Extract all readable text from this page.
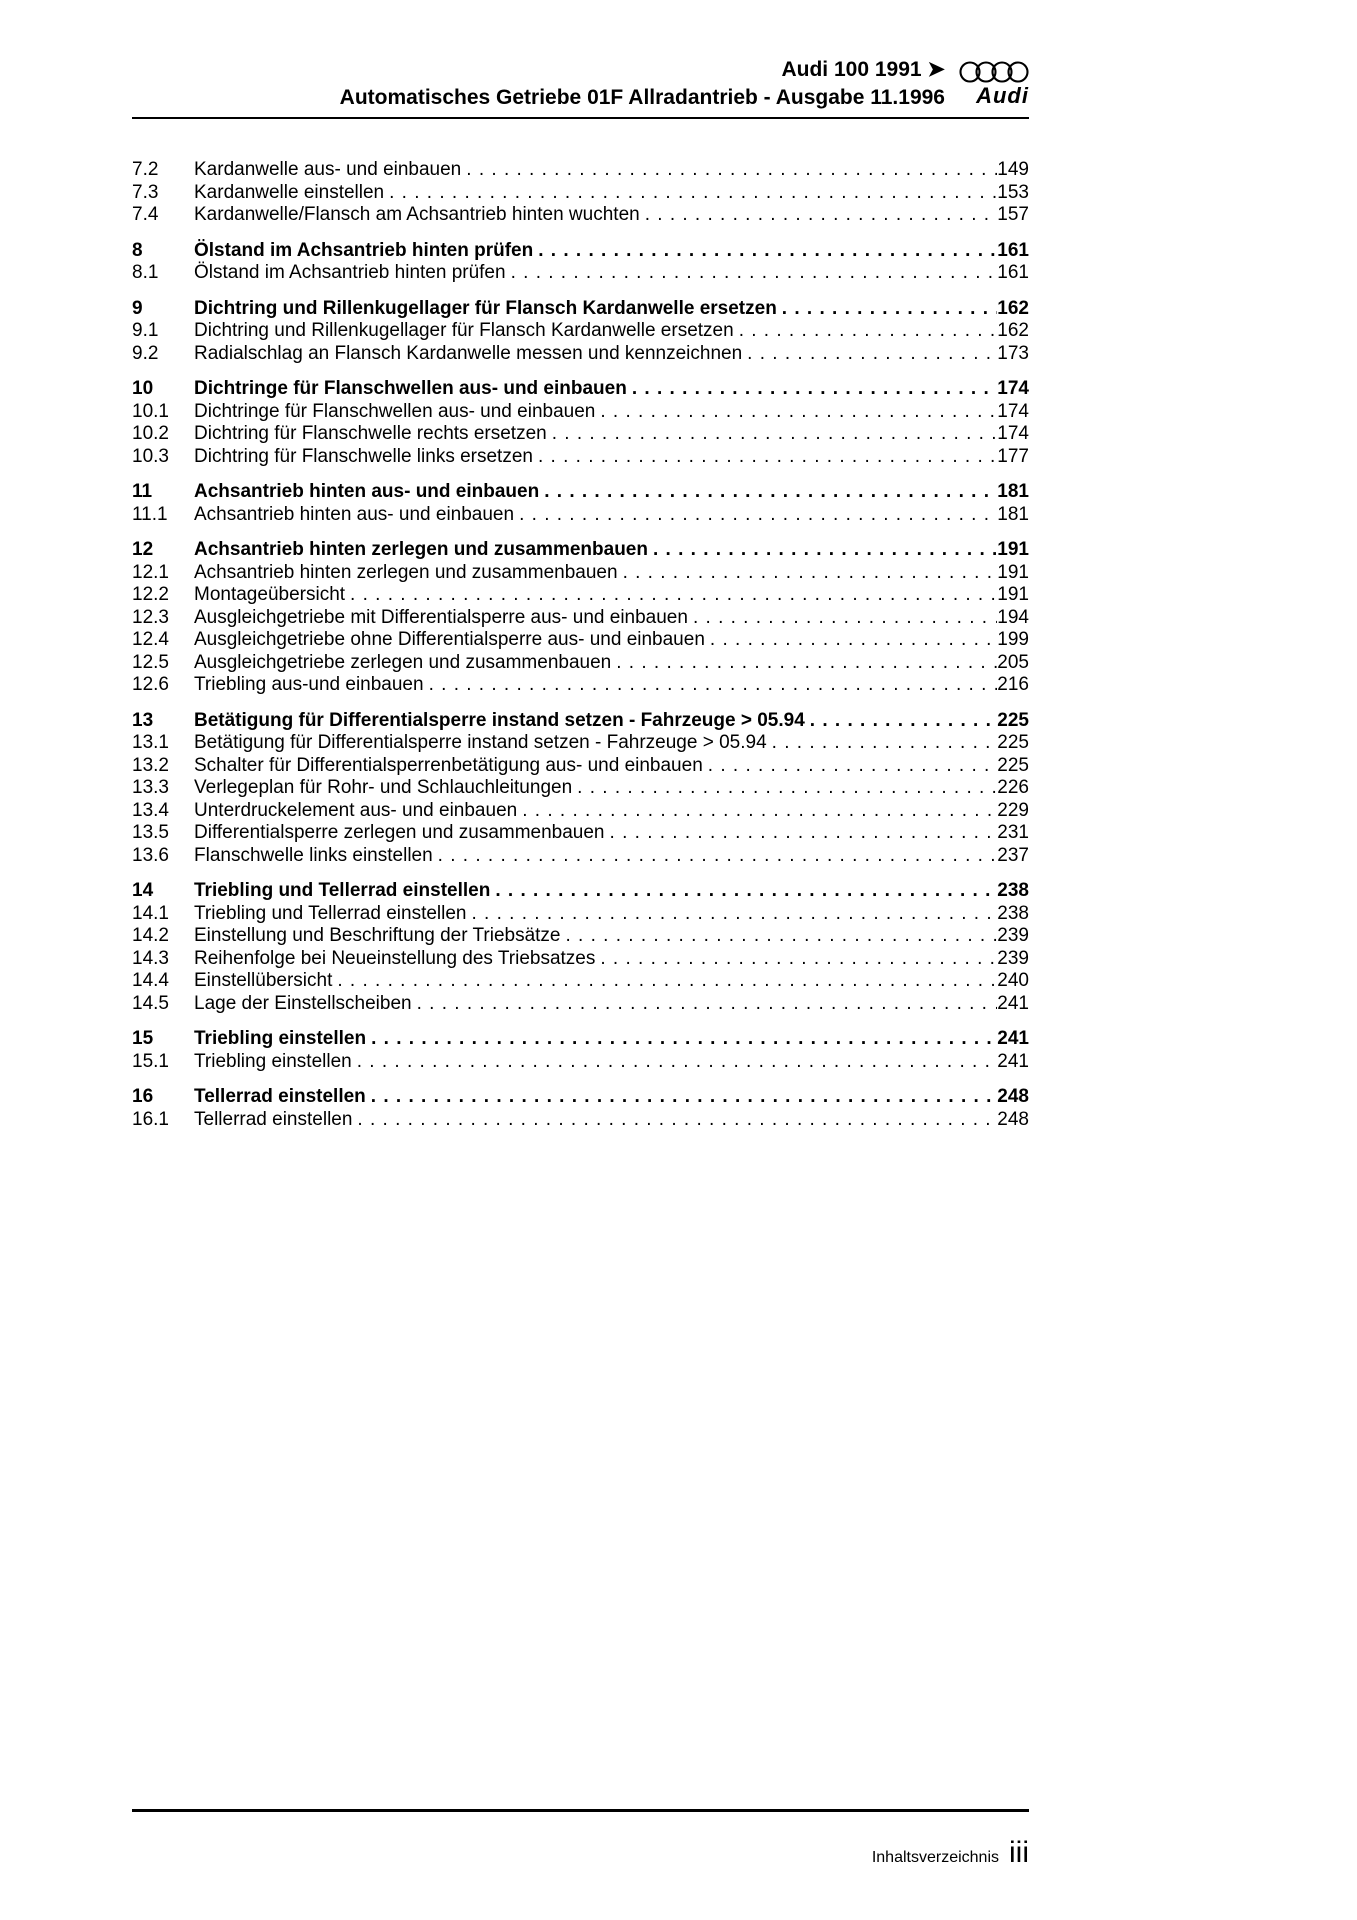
Audi 100 1991 ➤
Automatisches Getriebe 01F Allradantrieb - Ausgabe 11.1996 Audi
7.2	Kardanwelle aus- und einbauen . . .	149
7.3	Kardanwelle einstellen . . .	153
7.4	Kardanwelle/Flansch am Achsantrieb hinten wuchten . . .	157
8	Ölstand im Achsantrieb hinten prüfen . . .	161
8.1	Ölstand im Achsantrieb hinten prüfen . . .	161
9	Dichtring und Rillenkugellager für Flansch Kardanwelle ersetzen . . .	162
9.1	Dichtring und Rillenkugellager für Flansch Kardanwelle ersetzen . . .	162
9.2	Radialschlag an Flansch Kardanwelle messen und kennzeichnen . . .	173
10	Dichtringe für Flanschwellen aus- und einbauen . . .	174
10.1	Dichtringe für Flanschwellen aus- und einbauen . . .	174
10.2	Dichtring für Flanschwelle rechts ersetzen . . .	174
10.3	Dichtring für Flanschwelle links ersetzen . . .	177
11	Achsantrieb hinten aus- und einbauen . . .	181
11.1	Achsantrieb hinten aus- und einbauen . . .	181
12	Achsantrieb hinten zerlegen und zusammenbauen . . .	191
12.1	Achsantrieb hinten zerlegen und zusammenbauen . . .	191
12.2	Montageübersicht . . .	191
12.3	Ausgleichgetriebe mit Differentialsperre aus- und einbauen . . .	194
12.4	Ausgleichgetriebe ohne Differentialsperre aus- und einbauen . . .	199
12.5	Ausgleichgetriebe zerlegen und zusammenbauen . . .	205
12.6	Triebling aus-und einbauen . . .	216
13	Betätigung für Differentialsperre instand setzen - Fahrzeuge > 05.94 . . .	225
13.1	Betätigung für Differentialsperre instand setzen - Fahrzeuge > 05.94 . . .	225
13.2	Schalter für Differentialsperrenbetätigung aus- und einbauen . . .	225
13.3	Verlegeplan für Rohr- und Schlauchleitungen . . .	226
13.4	Unterdruckelement aus- und einbauen . . .	229
13.5	Differentialsperre zerlegen und zusammenbauen . . .	231
13.6	Flanschwelle links einstellen . . .	237
14	Triebling und Tellerrad einstellen . . .	238
14.1	Triebling und Tellerrad einstellen . . .	238
14.2	Einstellung und Beschriftung der Triebsätze . . .	239
14.3	Reihenfolge bei Neueinstellung des Triebsatzes . . .	239
14.4	Einstellübersicht . . .	240
14.5	Lage der Einstellscheiben . . .	241
15	Triebling einstellen . . .	241
15.1	Triebling einstellen . . .	241
16	Tellerrad einstellen . . .	248
16.1	Tellerrad einstellen . . .	248
Inhaltsverzeichnis iii
